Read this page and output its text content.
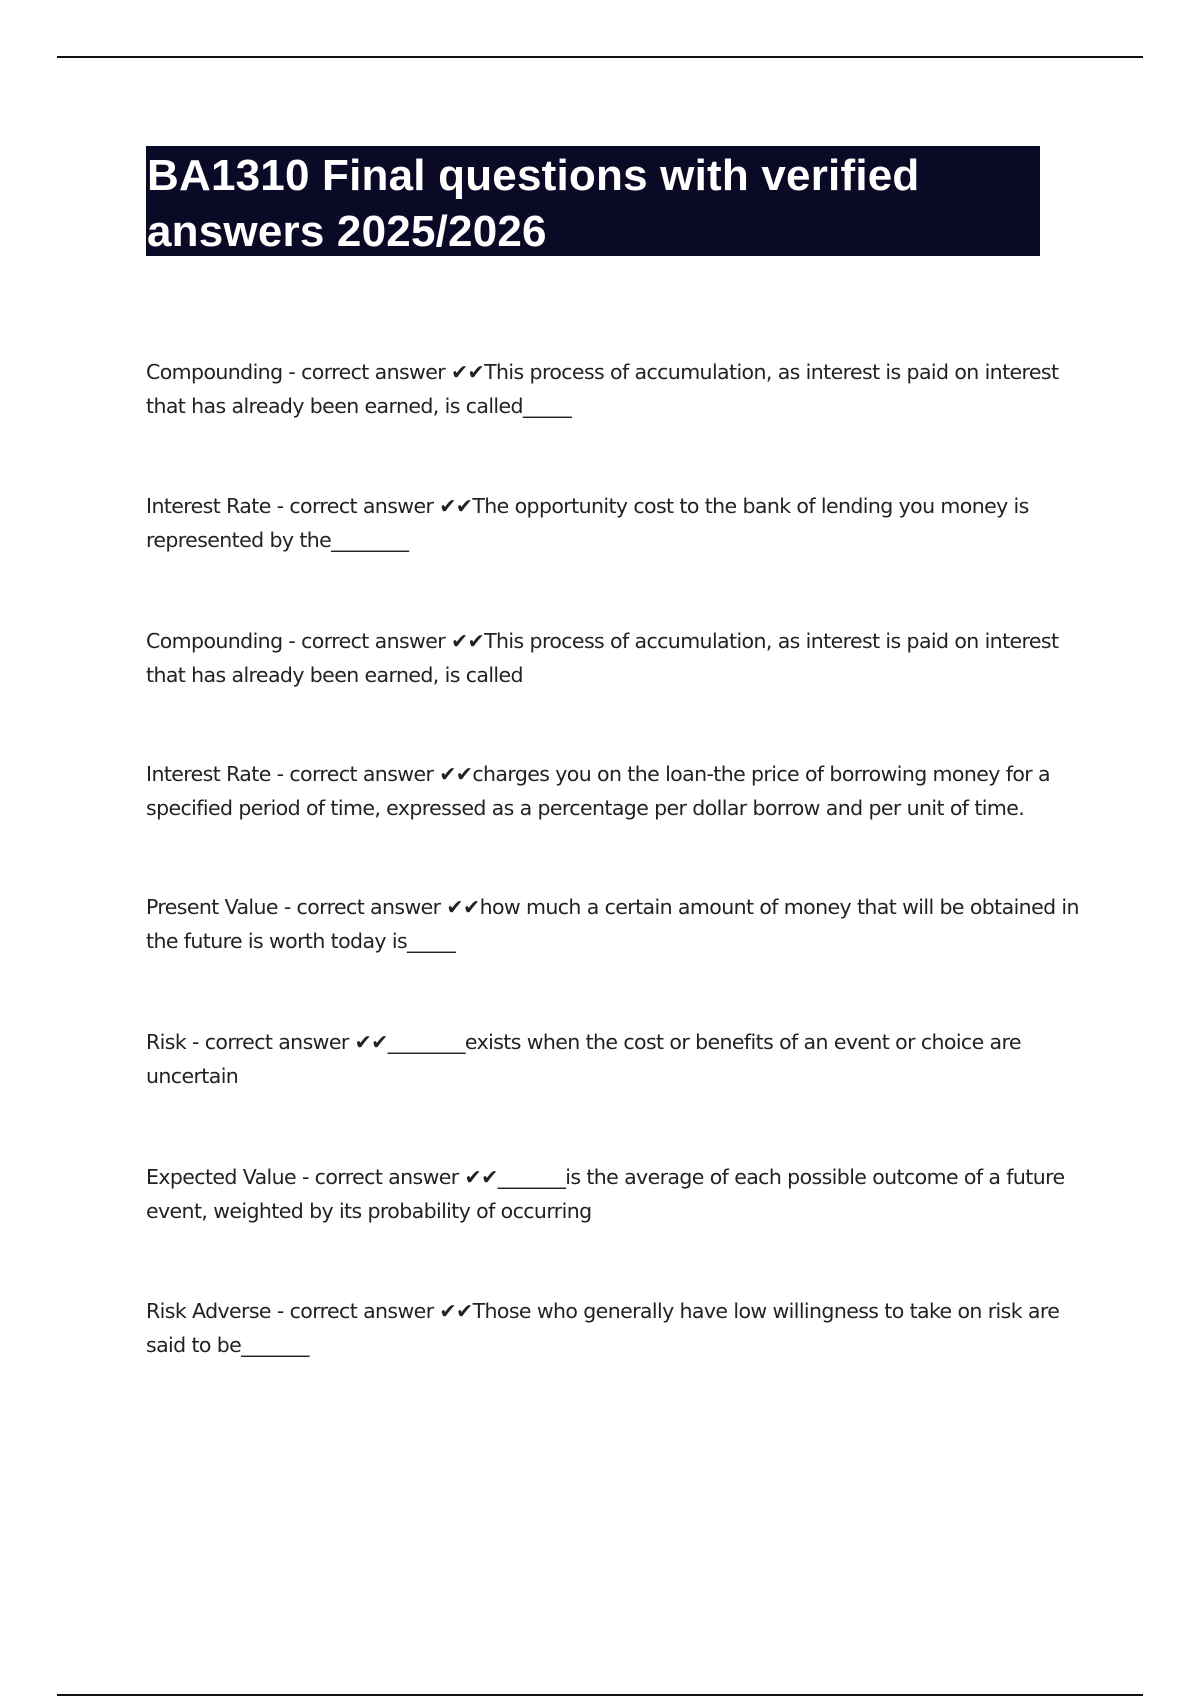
BA1310 Final questions with verified answers 2025/2026

Compounding - correct answer ✔✔This process of accumulation, as interest is paid on interest that has already been earned, is called_____

Interest Rate - correct answer ✔✔The opportunity cost to the bank of lending you money is represented by the________

Compounding - correct answer ✔✔This process of accumulation, as interest is paid on interest that has already been earned, is called

Interest Rate - correct answer ✔✔charges you on the loan-the price of borrowing money for a specified period of time, expressed as a percentage per dollar borrow and per unit of time.

Present Value - correct answer ✔✔how much a certain amount of money that will be obtained in the future is worth today is_____

Risk - correct answer ✔✔________exists when the cost or benefits of an event or choice are uncertain

Expected Value - correct answer ✔✔_______is the average of each possible outcome of a future event, weighted by its probability of occurring

Risk Adverse - correct answer ✔✔Those who generally have low willingness to take on risk are said to be_______
